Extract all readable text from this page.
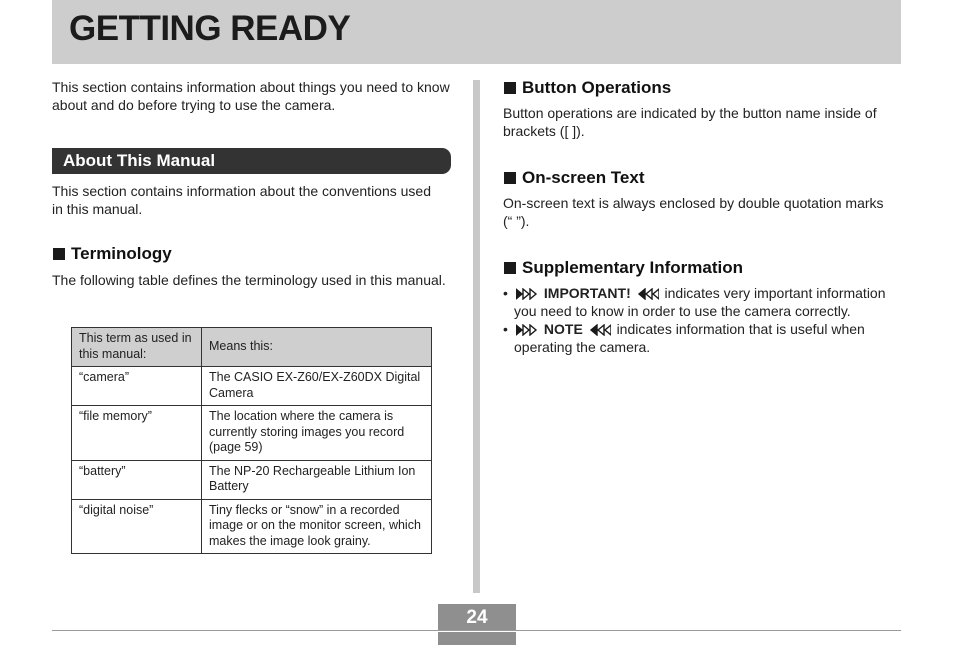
GETTING READY

This section contains information about things you need to know about and do before trying to use the camera.

About This Manual

This section contains information about the conventions used in this manual.

Terminology

The following table defines the terminology used in this manual.

This term as used in this manual:	Means this:
“camera”	The CASIO EX-Z60/EX-Z60DX Digital Camera
“file memory”	The location where the camera is currently storing images you record (page 59)
“battery”	The NP-20 Rechargeable Lithium Ion Battery
“digital noise”	Tiny flecks or “snow” in a recorded image or on the monitor screen, which makes the image look grainy.
Button Operations

Button operations are indicated by the button name inside of brackets ([ ]).

On-screen Text

On-screen text is always enclosed by double quotation marks (“ ”).

Supplementary Information
•	IMPORTANT! indicates very important information you need to know in order to use the camera correctly.
•	NOTE indicates information that is useful when operating the camera.
24
